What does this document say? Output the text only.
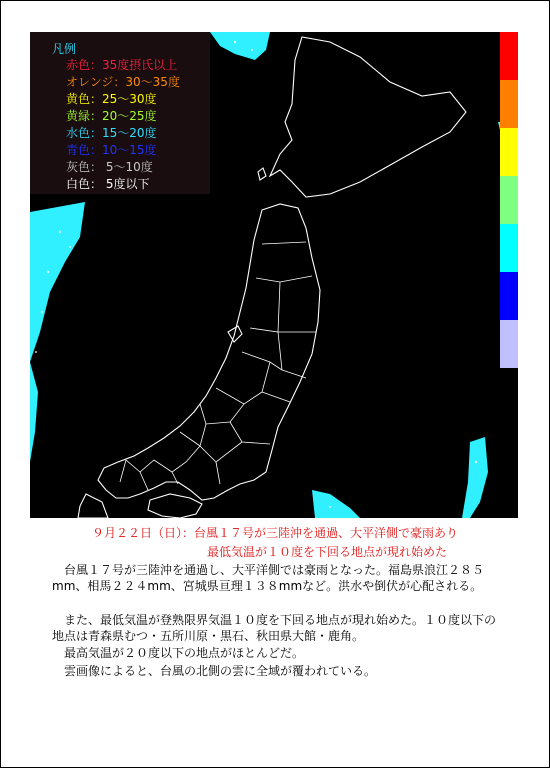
凡例
赤色：35度摂氏以上
オレンジ：30～35度
黄色：25～30度
黄緑：20～25度
水色：15～20度
青色：10～15度
灰色： 5～10度
白色： 5度以下
９月２２日（日）：台風１７号が三陸沖を通過、大平洋側で豪雨あり
最低気温が１０度を下回る地点が現れ始めた
台風１７号が三陸沖を通過し、大平洋側では豪雨となった。福島県浪江２８５mm、相馬２２４mm、宮城県亘理１３８mmなど。洪水や倒伏が心配される。
また、最低気温が登熟限界気温１０度を下回る地点が現れ始めた。１０度以下の地点は青森県むつ・五所川原・黒石、秋田県大館・鹿角。
最高気温が２０度以下の地点がほとんどだ。
雲画像によると、台風の北側の雲に全域が覆われている。
